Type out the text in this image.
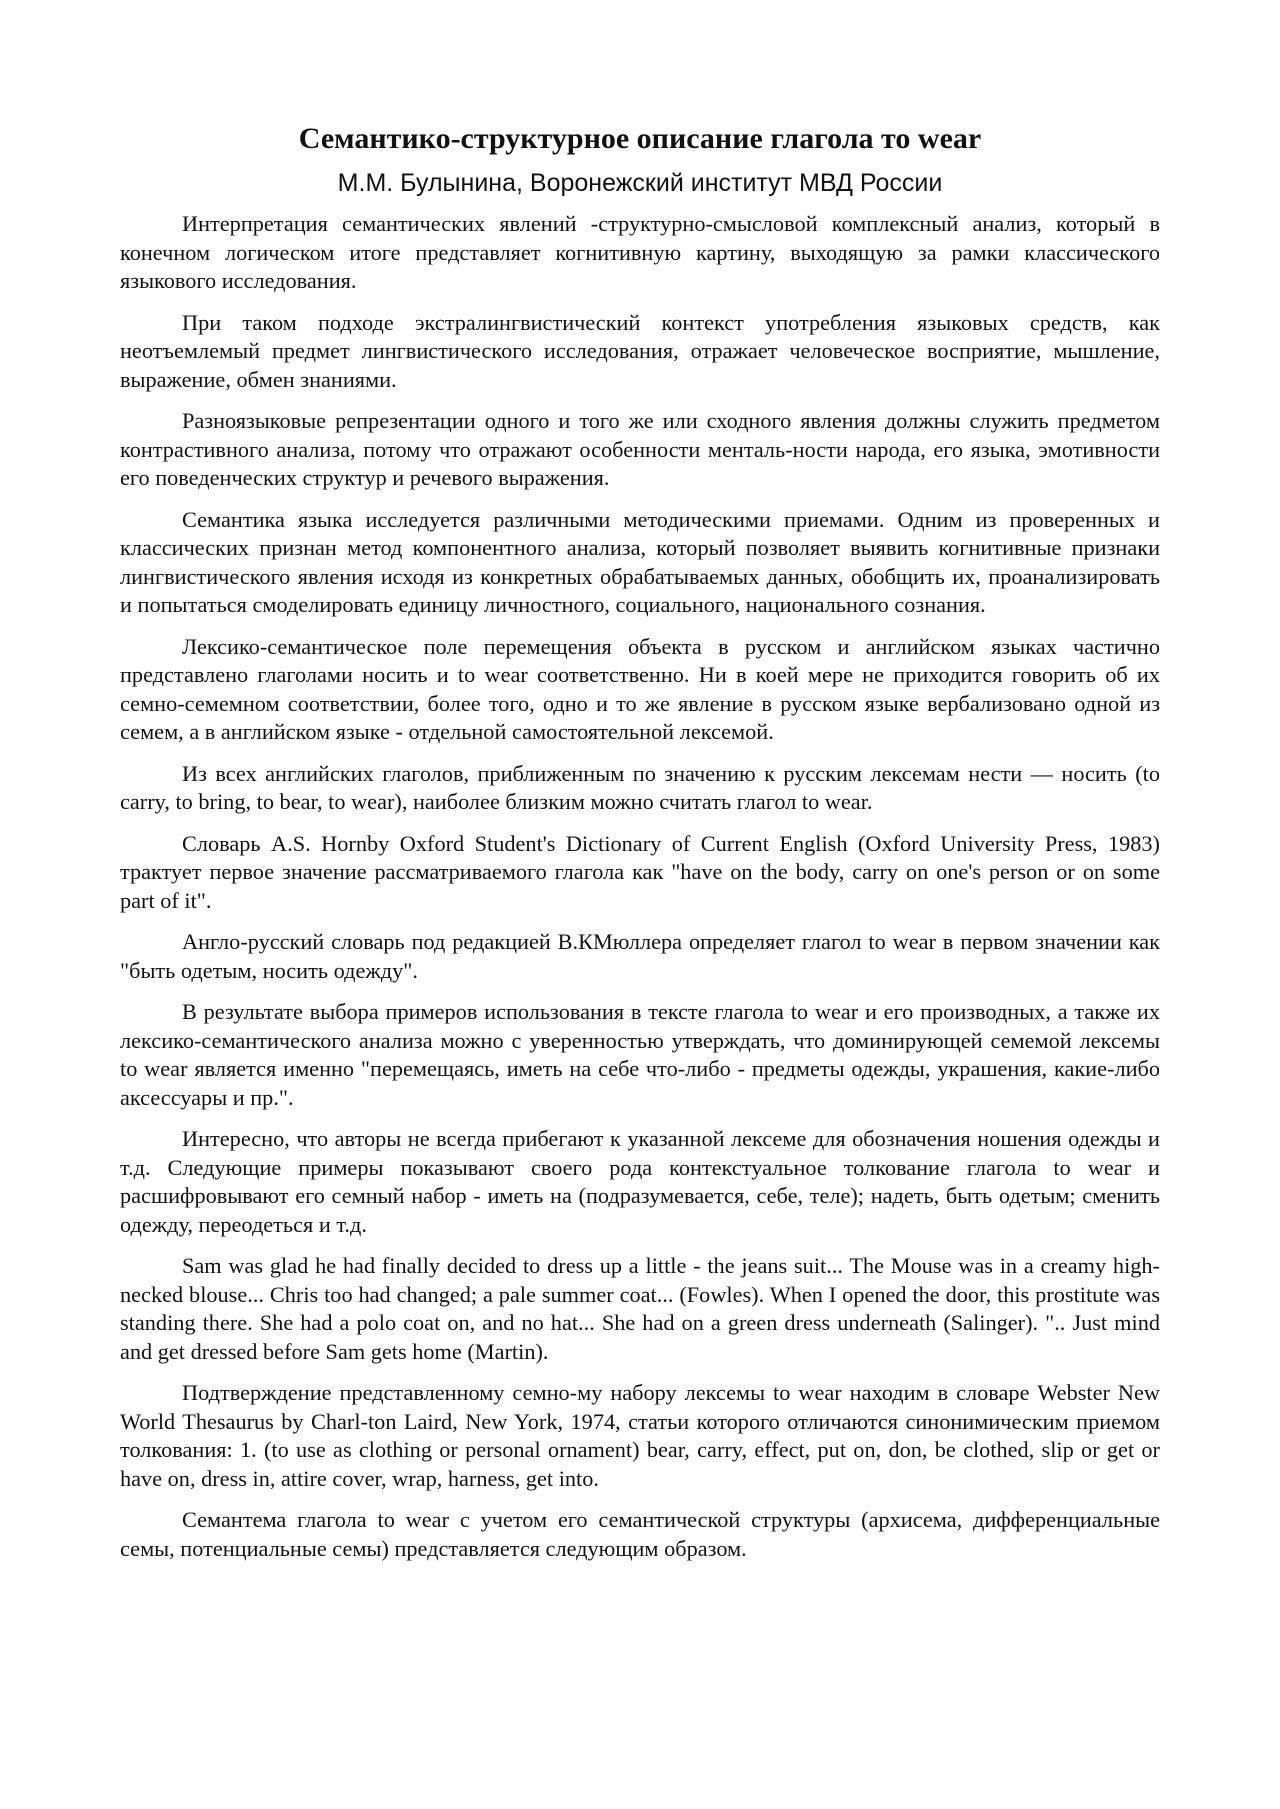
Семантико-структурное описание глагола то wear
М.М. Булынина, Воронежский институт МВД России

Интерпретация семантических явлений -структурно-смысловой комплексный анализ, который в конечном логическом итоге представляет когнитивную картину, выходящую за рамки классического языкового исследования.

При таком подходе экстралингвистический контекст употребления языковых средств, как неотъемлемый предмет лингвистического исследования, отражает человеческое восприятие, мышление, выражение, обмен знаниями.

Разноязыковые репрезентации одного и того же или сходного явления должны служить предметом контрастивного анализа, потому что отражают особенности менталь-ности народа, его языка, эмотивности его поведенческих структур и речевого выражения.

Семантика языка исследуется различными методическими приемами. Одним из проверенных и классических признан метод компонентного анализа, который позволяет выявить когнитивные признаки лингвистического явления исходя из конкретных обрабатываемых данных, обобщить их, проанализировать и попытаться смоделировать единицу личностного, социального, национального сознания.

Лексико-семантическое поле перемещения объекта в русском и английском языках частично представлено глаголами носить и to wear соответственно. Ни в коей мере не приходится говорить об их семно-семемном соответствии, более того, одно и то же явление в русском языке вербализовано одной из семем, а в английском языке - отдельной самостоятельной лексемой.

Из всех английских глаголов, приближенным по значению к русским лексемам нести — носить (to carry, to bring, to bear, to wear), наиболее близким можно считать глагол to wear.

Словарь A.S. Hornby Oxford Student's Dictionary of Current English (Oxford University Press, 1983) трактует первое значение рассматриваемого глагола как "have on the body, carry on one's person or on some part of it".

Англо-русский словарь под редакцией В.КМюллера определяет глагол to wear в первом значении как "быть одетым, носить одежду".

В результате выбора примеров использования в тексте глагола to wear и его производных, а также их лексико-семантического анализа можно с уверенностью утверждать, что доминирующей семемой лексемы to wear является именно "перемещаясь, иметь на себе что-либо - предметы одежды, украшения, какие-либо аксессуары и пр.".

Интересно, что авторы не всегда прибегают к указанной лексеме для обозначения ношения одежды и т.д. Следующие примеры показывают своего рода контекстуальное толкование глагола to wear и расшифровывают его семный набор - иметь на (подразумевается, себе, теле); надеть, быть одетым; сменить одежду, переодеться и т.д.

Sam was glad he had finally decided to dress up a little - the jeans suit... The Mouse was in a creamy high-necked blouse... Chris too had changed; a pale summer coat... (Fowles). When I opened the door, this prostitute was standing there. She had a polo coat on, and no hat... She had on a green dress underneath (Salinger). ".. Just mind and get dressed before Sam gets home (Martin).

Подтверждение представленному семно-му набору лексемы to wear находим в словаре Webster New World Thesaurus by Charl-ton Laird, New York, 1974, статьи которого отличаются синонимическим приемом толкования: 1. (to use as clothing or personal ornament) bear, carry, effect, put on, don, be clothed, slip or get or have on, dress in, attire cover, wrap, harness, get into.

Семантема глагола to wear с учетом его семантической структуры (архисема, дифференциальные семы, потенциальные семы) представляется следующим образом.
